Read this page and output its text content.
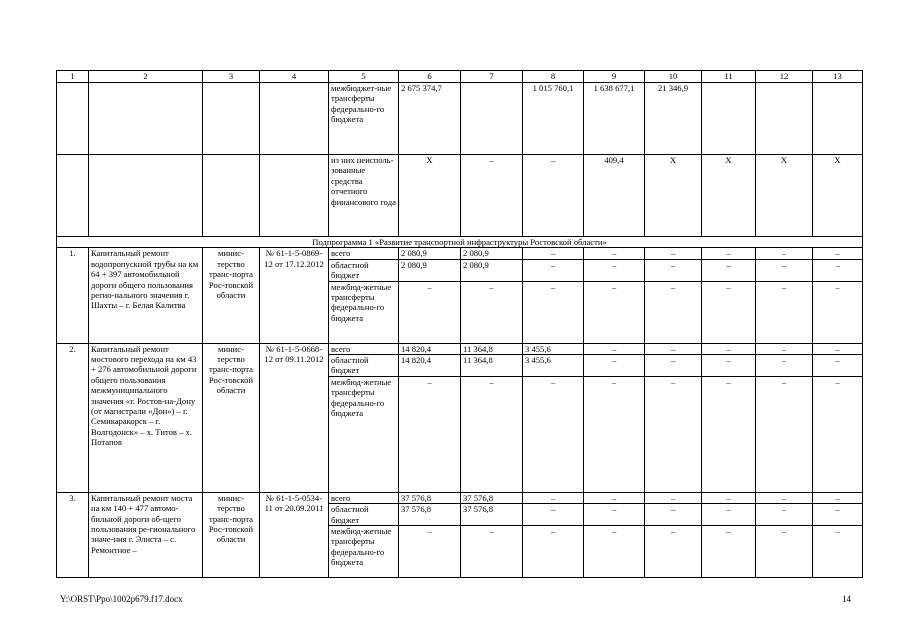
1	2	3	4	5	6	7	8	9	10	11	12	13
				межбюджет-ные трансферты федерально-го бюджета	2 675 374,7		1 015 760,1	1 638 677,1	21 346,9			
				из них неисполь-зованные средства отчетного финансового года	Х	–	–	409,4	Х	Х	Х	Х
Подпрограмма 1 «Развитие транспортной инфраструктуры Ростовской области»												
1.	Капитальный ремонт водопропускной трубы на км 64 + 397 автомобильной дороги общего пользования регио-нального значения г. Шахты – г. Белая Калитва	минис-терство транс-порта Рос-товской области	№ 61-1-5-0869-12 от 17.12.2012	всего	2 080,9	2 080,9	–	–	–	–	–	–
				областной бюджет	2 080,9	2 080,9	–	–	–	–	–	–
				межбюд-жетные трансферты федерально-го бюджета	–	–	–	–	–	–	–	–
2.	Капитальный ремонт мостового перехода на км 43 + 276 автомобильной дороги общего пользования межмуниципального значения «г. Ростов-на-Дону (от магистрали «Дон») – г. Семикаракорск – г. Волгодонск» – х. Титов – х. Потапов	минис-терство транс-порта Рос-товской области	№ 61-1-5-0668-12 от 09.11.2012	всего	14 820,4	11 364,8	3 455,6	–	–	–	–	–
				областной бюджет	14 820,4	11 364,8	3 455,6	–	–	–	–	–
				межбюд-жетные трансферты федерально-го бюджета	–	–	–	–	–	–	–	–
3.	Капитальный ремонт моста на км 140 + 477 автомо-бильной дороги об-щего пользования ре-гионального значе-ния г. Элиста – с. Ремонтное –	минис-терство транс-порта Рос-товской области	№ 61-1-5-0534-11 от 20.09.2011	всего	37 576,8	37 576,8	–	–	–	–	–	–
				областной бюджет	37 576,8	37 576,8	–	–	–	–	–	–
				межбюд-жетные трансферты федерально-го бюджета	–	–	–	–	–	–	–	–
Y:\ORST\Ppo\1002p679.f17.docx	14
